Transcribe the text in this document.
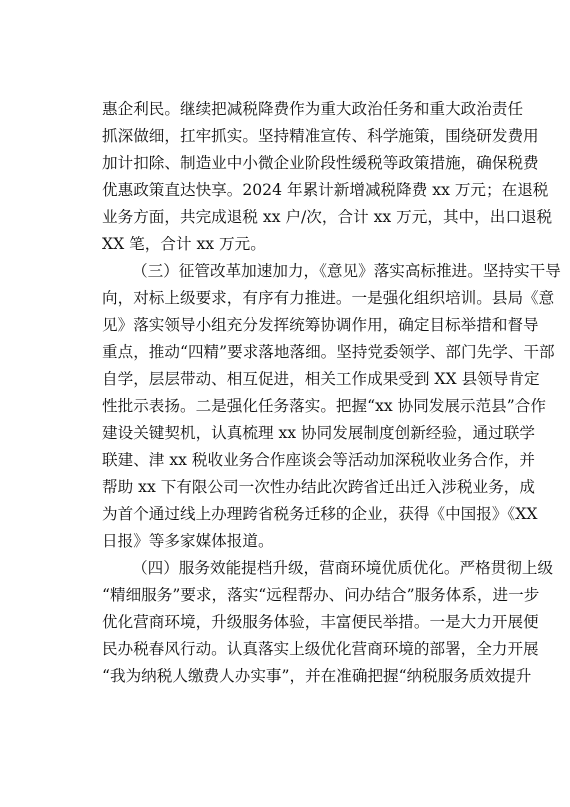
惠企利民。继续把减税降费作为重大政治任务和重大政治责任
抓深做细，扛牢抓实。坚持精准宣传、科学施策，围绕研发费用
加计扣除、制造业中小微企业阶段性缓税等政策措施，确保税费
优惠政策直达快享。2024 年累计新增减税降费 xx 万元；在退税
业务方面，共完成退税 xx 户/次，合计 xx 万元，其中，出口退税
XX 笔，合计 xx 万元。
（三）征管改革加速加力，《意见》落实高标推进。坚持实干导
向，对标上级要求，有序有力推进。一是强化组织培训。县局《意
见》落实领导小组充分发挥统筹协调作用，确定目标举措和督导
重点，推动“四精”要求落地落细。坚持党委领学、部门先学、干部
自学，层层带动、相互促进，相关工作成果受到 XX 县领导肯定
性批示表扬。二是强化任务落实。把握“xx 协同发展示范县”合作
建设关键契机，认真梳理 xx 协同发展制度创新经验，通过联学
联建、津 xx 税收业务合作座谈会等活动加深税收业务合作，并
帮助 xx 下有限公司一次性办结此次跨省迁出迁入涉税业务，成
为首个通过线上办理跨省税务迁移的企业，获得《中国报》《XX
日报》等多家媒体报道。
（四）服务效能提档升级，营商环境优质优化。严格贯彻上级
“精细服务”要求，落实“远程帮办、问办结合”服务体系，进一步
优化营商环境，升级服务体验，丰富便民举措。一是大力开展便
民办税春风行动。认真落实上级优化营商环境的部署，全力开展
“我为纳税人缴费人办实事”，并在准确把握“纳税服务质效提升
